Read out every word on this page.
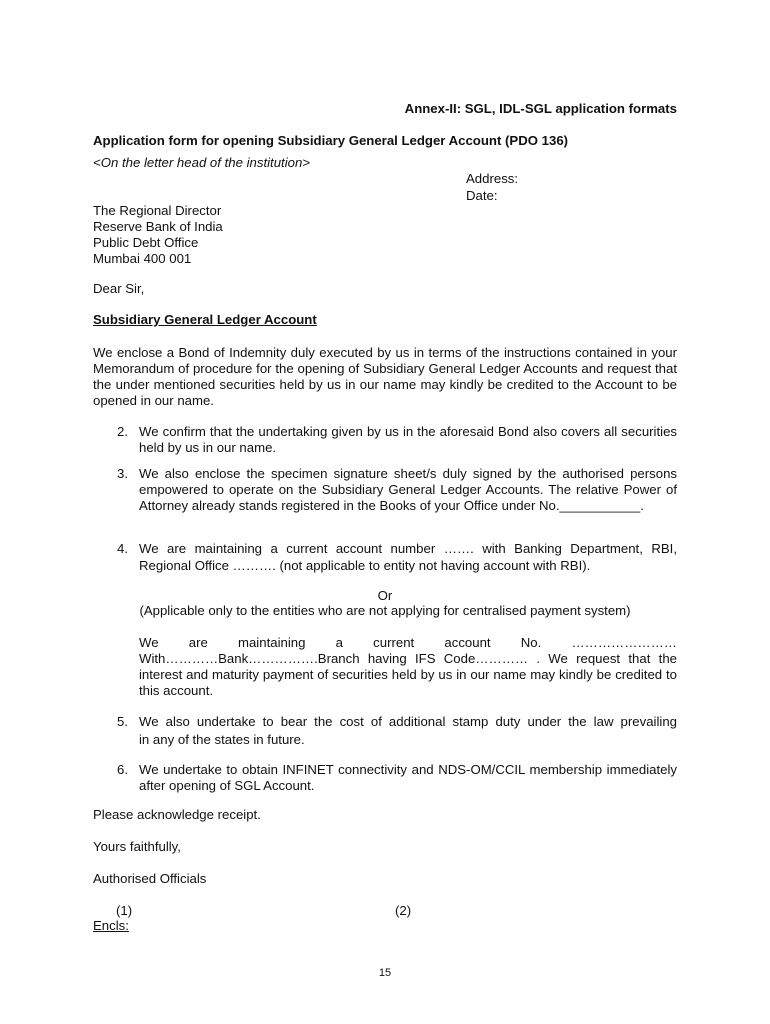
Annex-II: SGL, IDL-SGL application formats
Application form for opening Subsidiary General Ledger Account (PDO 136)
<On the letter head of the institution>
Address:
Date:
The Regional Director
Reserve Bank of India
Public Debt Office
Mumbai 400 001
Dear Sir,
Subsidiary General Ledger Account
We enclose a Bond of Indemnity duly executed by us in terms of the instructions contained in your Memorandum of procedure for the opening of Subsidiary General Ledger Accounts and request that the under mentioned securities held by us in our name may kindly be credited to the Account to be opened in our name.
2. We confirm that the undertaking given by us in the aforesaid Bond also covers all securities held by us in our name.
3. We also enclose the specimen signature sheet/s duly signed by the authorised persons empowered to operate on the Subsidiary General Ledger Accounts. The relative Power of Attorney already stands registered in the Books of your Office under No.___________.
4. We are maintaining a current account number ……. with Banking Department, RBI,
Regional Office ………. (not applicable to entity not having account with RBI).
Or
(Applicable only to the entities who are not applying for centralised payment system)
We are maintaining a current account No. ……………………
With…………Bank…………….Branch having IFS Code………… . We request that the interest and maturity payment of securities held by us in our name may kindly be credited to this account.
5. We also undertake to bear the cost of additional stamp duty under the law prevailing
in any of the states in future.
6. We undertake to obtain INFINET connectivity and NDS-OM/CCIL membership immediately after opening of SGL Account.
Please acknowledge receipt.
Yours faithfully,
Authorised Officials
(1)	(2)
Encls:
15
